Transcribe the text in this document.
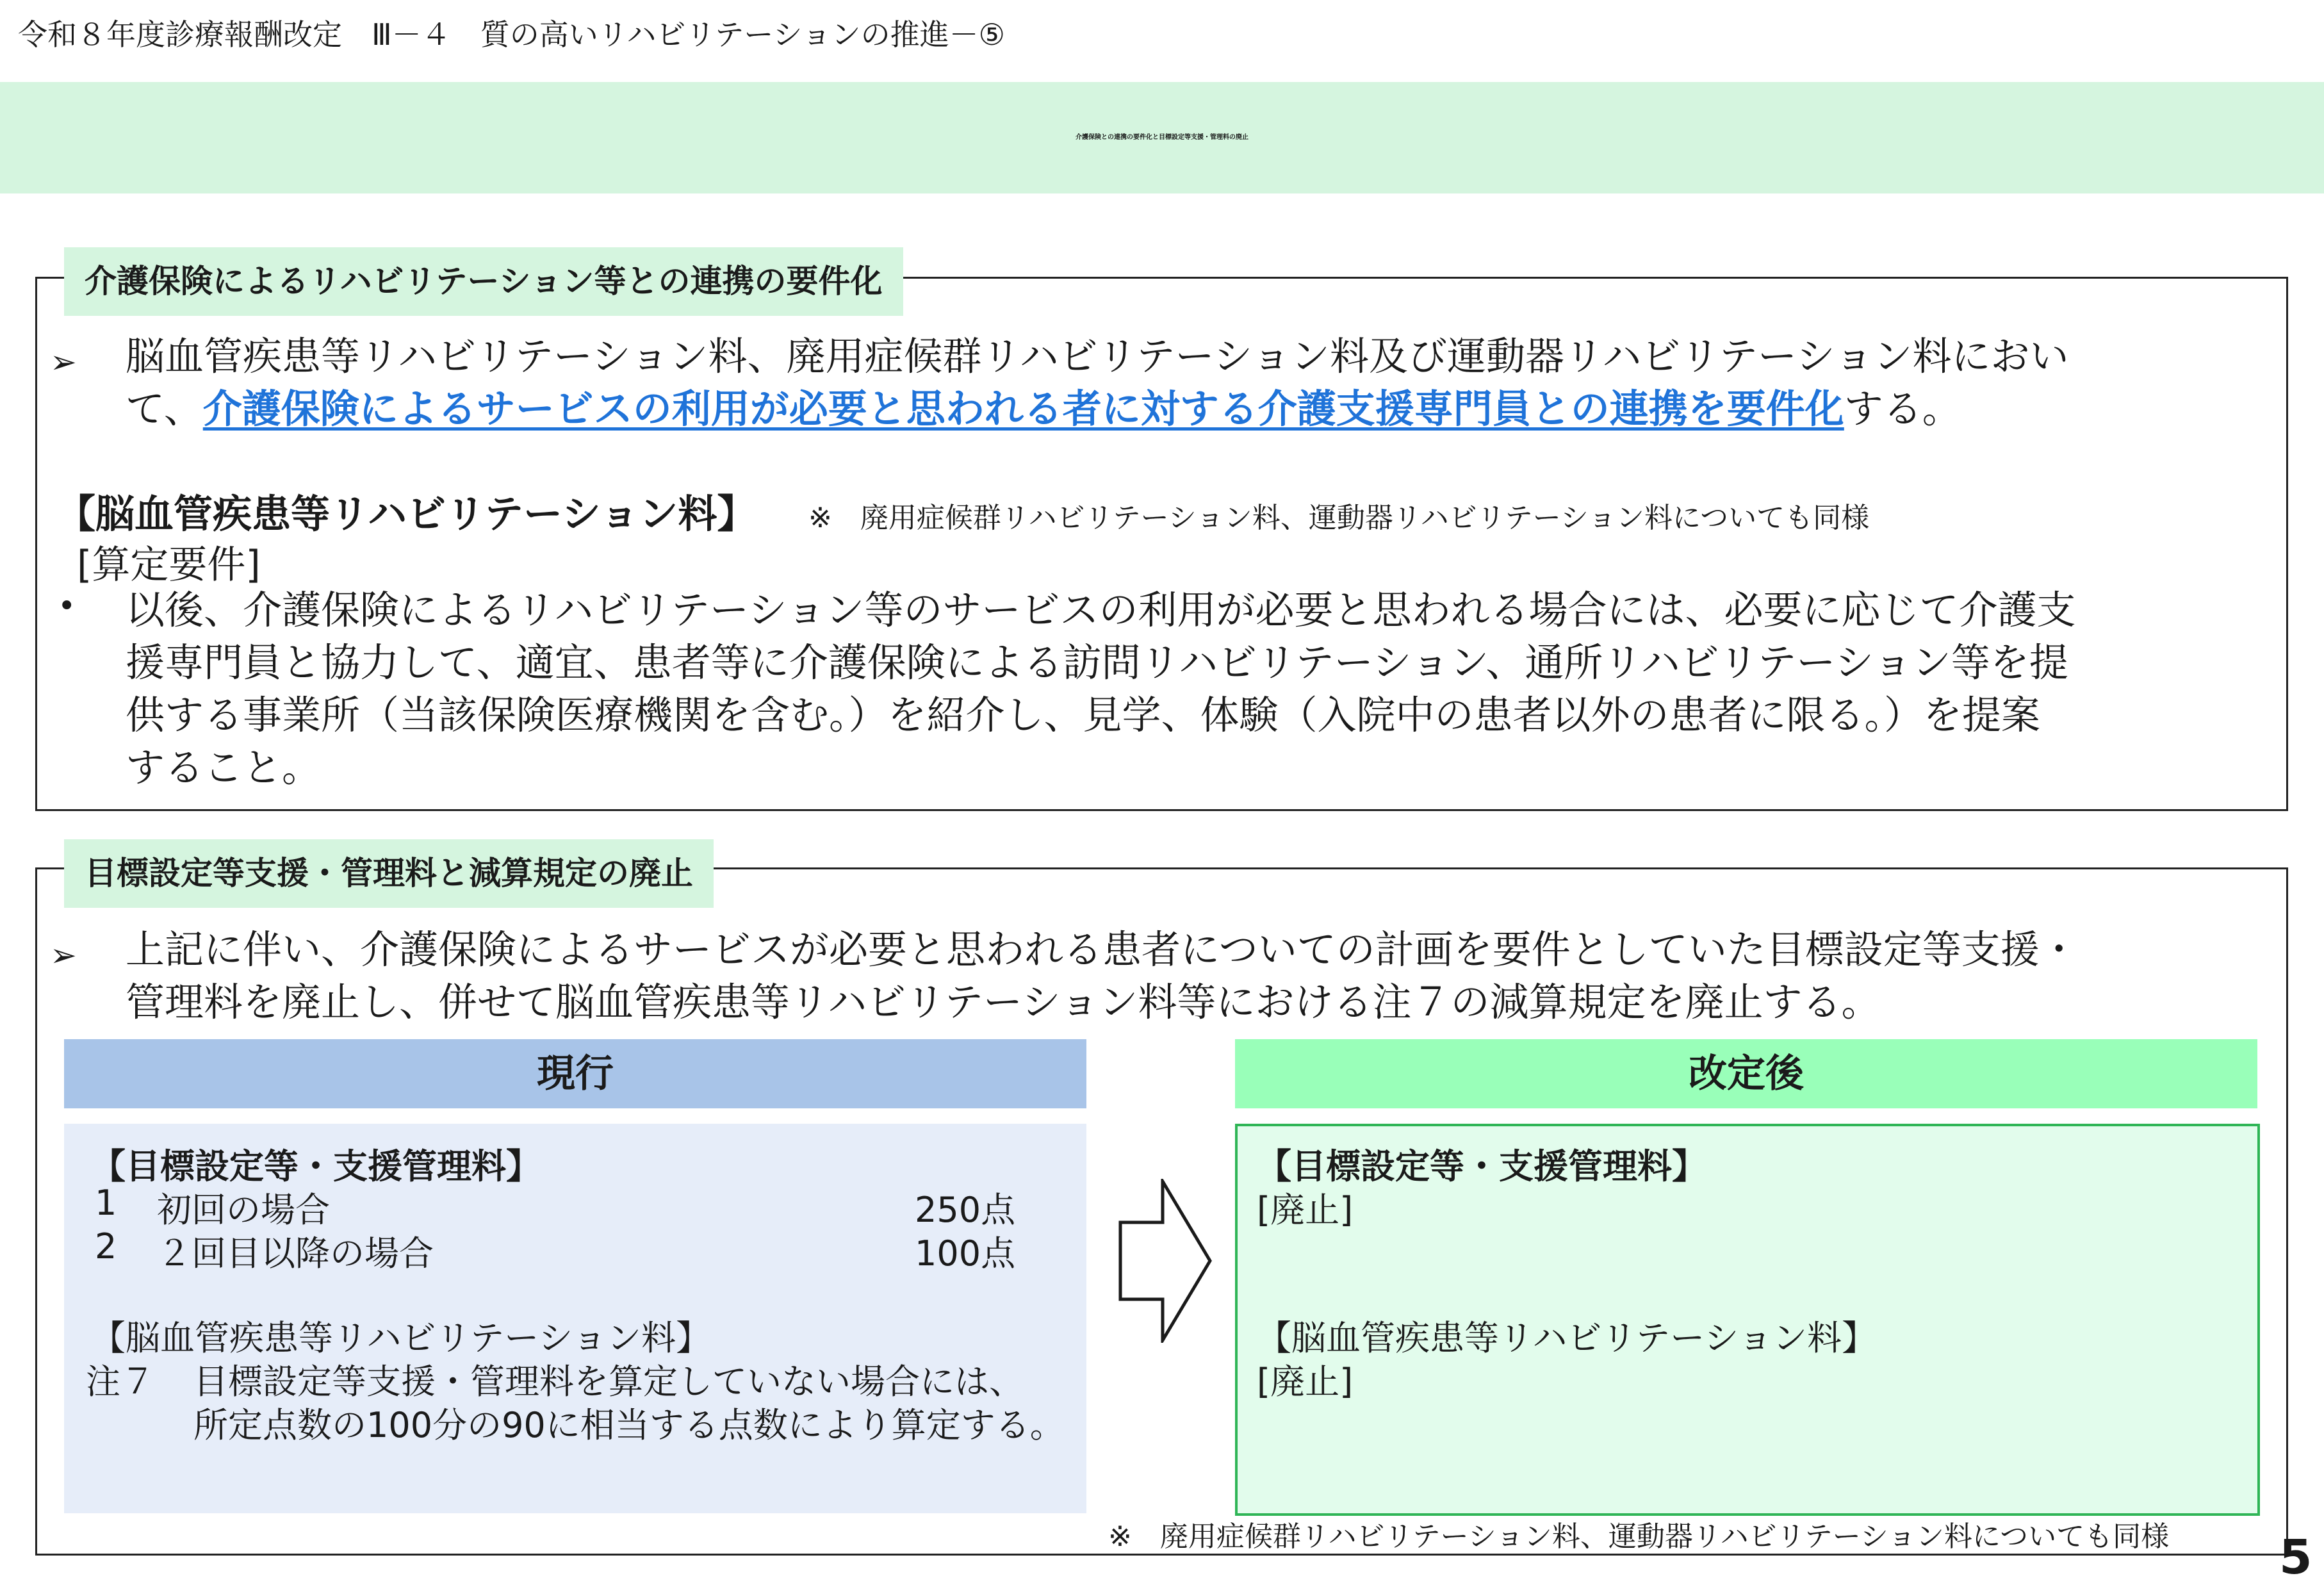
令和８年度診療報酬改定　Ⅲ－４　質の高いリハビリテーションの推進－⑤
介護保険との連携の要件化と目標設定等支援・管理料の廃止
介護保険によるリハビリテーション等との連携の要件化
➢ 脳血管疾患等リハビリテーション料、廃用症候群リハビリテーション料及び運動器リハビリテーション料におい
て、介護保険によるサービスの利用が必要と思われる者に対する介護支援専門員との連携を要件化する。
【脳血管疾患等リハビリテーション料】 ※　廃用症候群リハビリテーション料、運動器リハビリテーション料についても同様
[算定要件]
• 以後、介護保険によるリハビリテーション等のサービスの利用が必要と思われる場合には、必要に応じて介護支
援専門員と協力して、適宜、患者等に介護保険による訪問リハビリテーション、通所リハビリテーション等を提
供する事業所（当該保険医療機関を含む。）を紹介し、見学、体験（入院中の患者以外の患者に限る。）を提案
すること。
目標設定等支援・管理料と減算規定の廃止
➢ 上記に伴い、介護保険によるサービスが必要と思われる患者についての計画を要件としていた目標設定等支援・
管理料を廃止し、併せて脳血管疾患等リハビリテーション料等における注７の減算規定を廃止する。
現行	改定後
【目標設定等・支援管理料】
1 初回の場合	250点
2 ２回目以降の場合	100点
【脳血管疾患等リハビリテーション料】
注７ 目標設定等支援・管理料を算定していない場合には、
所定点数の100分の90に相当する点数により算定する。
【目標設定等・支援管理料】
[廃止]
【脳血管疾患等リハビリテーション料】
[廃止]
※　廃用症候群リハビリテーション料、運動器リハビリテーション料についても同様 5
